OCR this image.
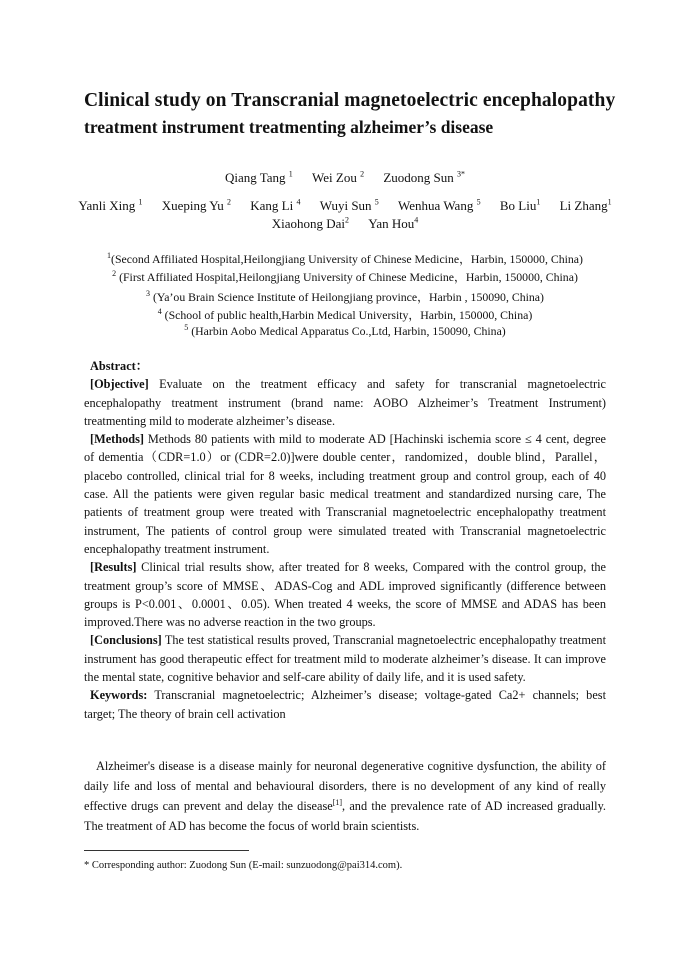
Clinical study on Transcranial magnetoelectric encephalopathy
treatment instrument treatmenting alzheimer’s disease
Qiang Tang $^1$ Wei Zou $^2$ Zuodong Sun $^{3*}$
Yanli Xing $^1$ Xueping Yu $^2$ Kang Li $^4$ Wuyi Sun $^5$ Wenhua Wang $^5$ Bo Liu$^1$ Li Zhang$^1$
Xiaohong Dai$^2$ Yan Hou$^4$
$^1$(Second Affiliated Hospital,Heilongjiang University of Chinese Medicine，Harbin, 150000, China)
$^2$ (First Affiliated Hospital,Heilongjiang University of Chinese Medicine，Harbin, 150000, China)
$^3$ (Ya’ou Brain Science Institute of Heilongjiang province，Harbin , 150090, China)
$^4$ (School of public health,Harbin Medical University，Harbin, 150000, China)
$^5$ (Harbin Aobo Medical Apparatus Co.,Ltd, Harbin, 150090, China)

Abstract：

[Objective] Evaluate on the treatment efficacy and safety for transcranial magnetoelectric encephalopathy treatment instrument (brand name: AOBO Alzheimer’s Treatment Instrument) treatmenting mild to moderate alzheimer’s disease.

[Methods] Methods 80 patients with mild to moderate AD [Hachinski ischemia score ≤ 4 cent, degree of dementia（CDR=1.0）or (CDR=2.0)]were double center，randomized，double blind，Parallel，placebo controlled, clinical trial for 8 weeks, including treatment group and control group, each of 40 case. All the patients were given regular basic medical treatment and standardized nursing care, The patients of treatment group were treated with Transcranial magnetoelectric encephalopathy treatment instrument, The patients of control group were simulated treated with Transcranial magnetoelectric encephalopathy treatment instrument.

[Results] Clinical trial results show, after treated for 8 weeks, Compared with the control group, the treatment group’s score of MMSE、ADAS-Cog and ADL improved significantly (difference between groups is P<0.001、0.0001、0.05). When treated 4 weeks, the score of MMSE and ADAS has been improved.There was no adverse reaction in the two groups.

[Conclusions] The test statistical results proved, Transcranial magnetoelectric encephalopathy treatment instrument has good therapeutic effect for treatment mild to moderate alzheimer’s disease. It can improve the mental state, cognitive behavior and self-care ability of daily life, and it is used safety.

Keywords: Transcranial magnetoelectric; Alzheimer’s disease; voltage-gated Ca2+ channels; best target; The theory of brain cell activation

Alzheimer's disease is a disease mainly for neuronal degenerative cognitive dysfunction, the ability of daily life and loss of mental and behavioural disorders, there is no development of any kind of really effective drugs can prevent and delay the disease[1], and the prevalence rate of AD increased gradually. The treatment of AD has become the focus of world brain scientists.

* Corresponding author: Zuodong Sun (E-mail: sunzuodong@pai314.com).
